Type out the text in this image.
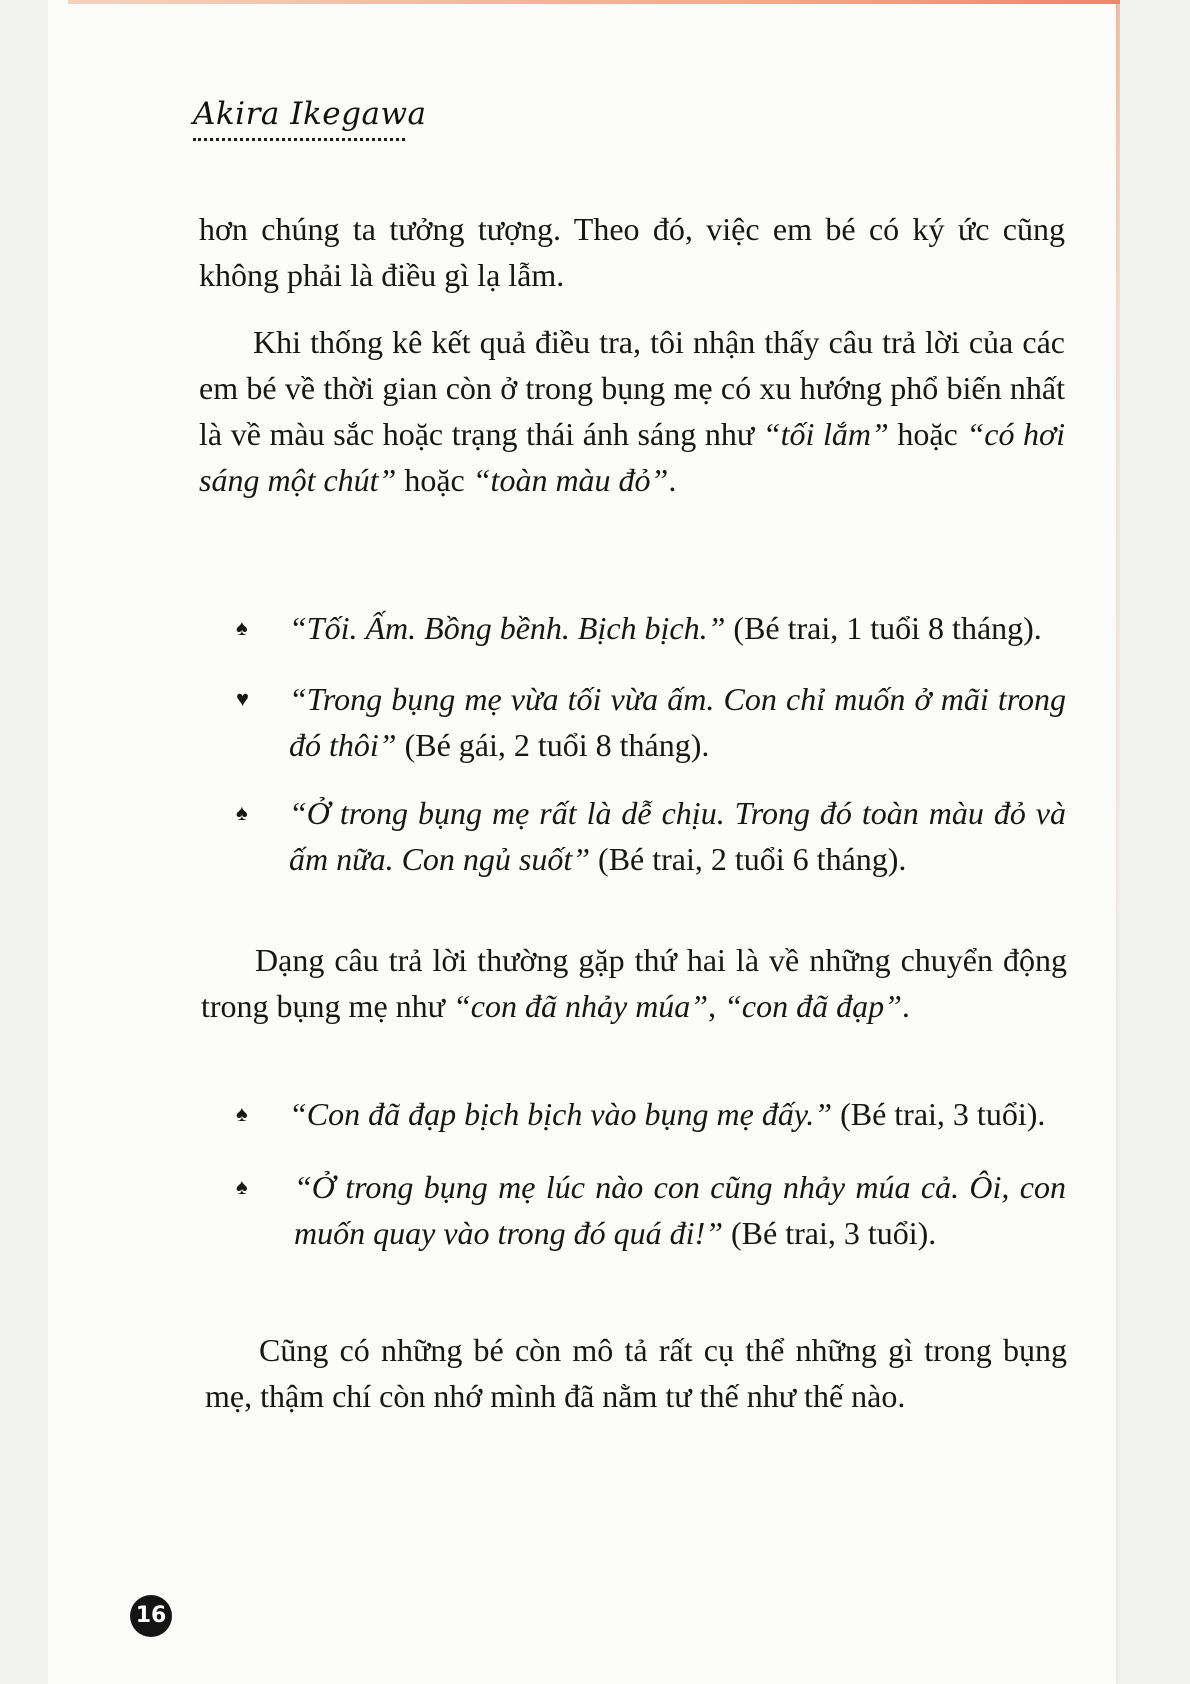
Akira Ikegawa

hơn chúng ta tưởng tượng. Theo đó, việc em bé có ký ức cũng không phải là điều gì lạ lẫm.

Khi thống kê kết quả điều tra, tôi nhận thấy câu trả lời của các em bé về thời gian còn ở trong bụng mẹ có xu hướng phổ biến nhất là về màu sắc hoặc trạng thái ánh sáng như “tối lắm” hoặc “có hơi sáng một chút” hoặc “toàn màu đỏ”.

♠ “Tối. Ấm. Bồng bềnh. Bịch bịch.” (Bé trai, 1 tuổi 8 tháng).
♥ “Trong bụng mẹ vừa tối vừa ấm. Con chỉ muốn ở mãi trong đó thôi” (Bé gái, 2 tuổi 8 tháng).
♠ “Ở trong bụng mẹ rất là dễ chịu. Trong đó toàn màu đỏ và ấm nữa. Con ngủ suốt” (Bé trai, 2 tuổi 6 tháng).

Dạng câu trả lời thường gặp thứ hai là về những chuyển động trong bụng mẹ như “con đã nhảy múa”, “con đã đạp”.

♠ “Con đã đạp bịch bịch vào bụng mẹ đấy.” (Bé trai, 3 tuổi).
♠ “Ở trong bụng mẹ lúc nào con cũng nhảy múa cả. Ôi, con muốn quay vào trong đó quá đi!” (Bé trai, 3 tuổi).

Cũng có những bé còn mô tả rất cụ thể những gì trong bụng mẹ, thậm chí còn nhớ mình đã nằm tư thế như thế nào.

16
